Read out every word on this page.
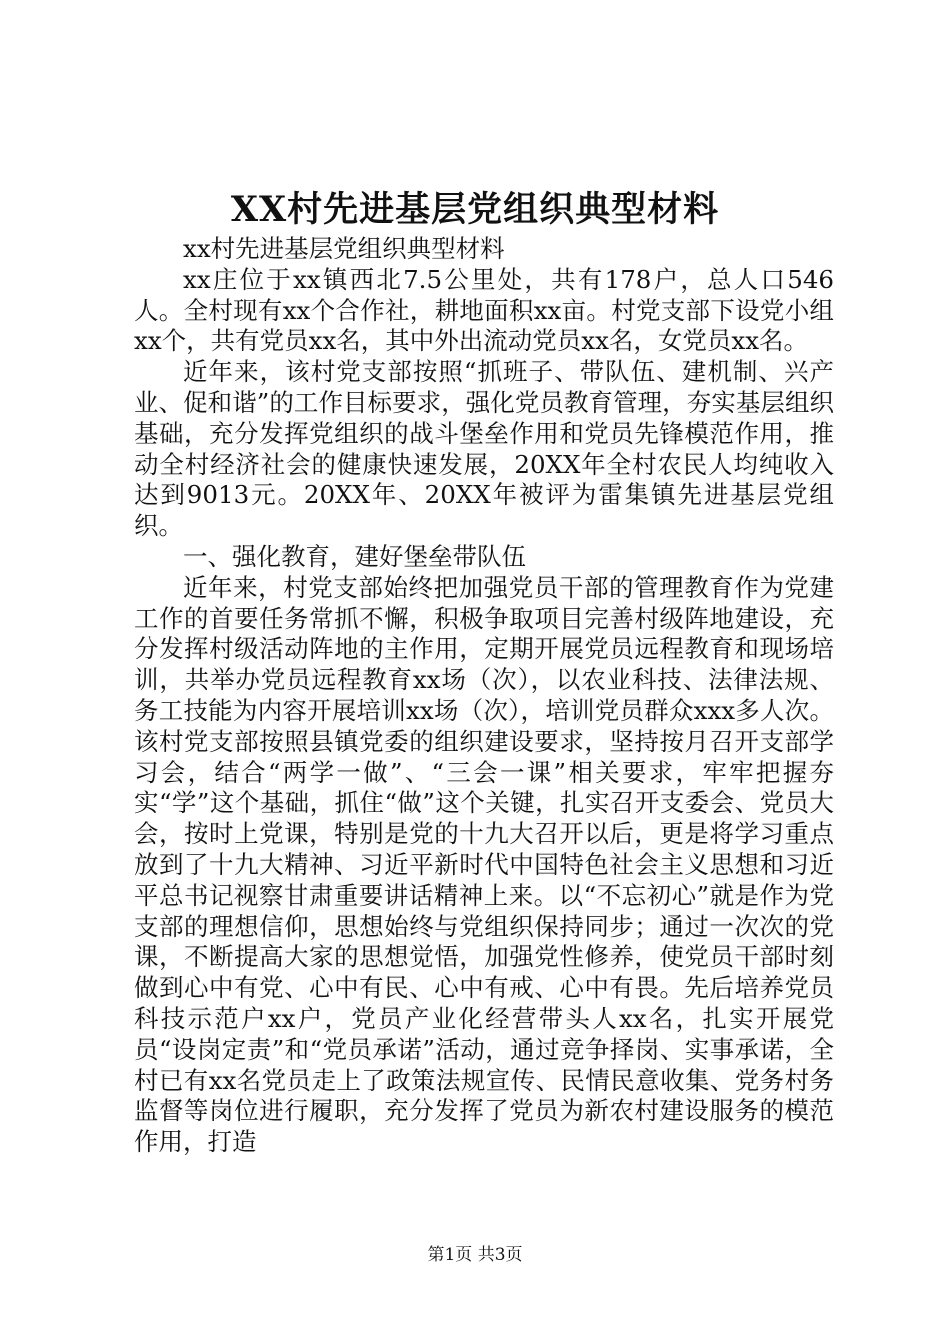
XX村先进基层党组织典型材料

xx村先进基层党组织典型材料

xx庄位于xx镇西北7.5公里处，共有178户，总人口546人。全村现有xx个合作社，耕地面积xx亩。村党支部下设党小组xx个，共有党员xx名，其中外出流动党员xx名，女党员xx名。

近年来，该村党支部按照“抓班子、带队伍、建机制、兴产业、促和谐”的工作目标要求，强化党员教育管理，夯实基层组织基础，充分发挥党组织的战斗堡垒作用和党员先锋模范作用，推动全村经济社会的健康快速发展，20XX年全村农民人均纯收入达到9013元。20XX年、20XX年被评为雷集镇先进基层党组织。

一、强化教育，建好堡垒带队伍

近年来，村党支部始终把加强党员干部的管理教育作为党建工作的首要任务常抓不懈，积极争取项目完善村级阵地建设，充分发挥村级活动阵地的主作用，定期开展党员远程教育和现场培训，共举办党员远程教育xx场（次），以农业科技、法律法规、务工技能为内容开展培训xx场（次），培训党员群众xxx多人次。该村党支部按照县镇党委的组织建设要求，坚持按月召开支部学习会，结合“两学一做”、“三会一课”相关要求，牢牢把握夯实“学”这个基础，抓住“做”这个关键，扎实召开支委会、党员大会，按时上党课，特别是党的十九大召开以后，更是将学习重点放到了十九大精神、习近平新时代中国特色社会主义思想和习近平总书记视察甘肃重要讲话精神上来。以“不忘初心”就是作为党支部的理想信仰，思想始终与党组织保持同步；通过一次次的党课，不断提高大家的思想觉悟，加强党性修养，使党员干部时刻做到心中有党、心中有民、心中有戒、心中有畏。先后培养党员科技示范户xx户，党员产业化经营带头人xx名，扎实开展党员“设岗定责”和“党员承诺”活动，通过竞争择岗、实事承诺，全村已有xx名党员走上了政策法规宣传、民情民意收集、党务村务监督等岗位进行履职，充分发挥了党员为新农村建设服务的模范作用，打造

第1页 共3页
